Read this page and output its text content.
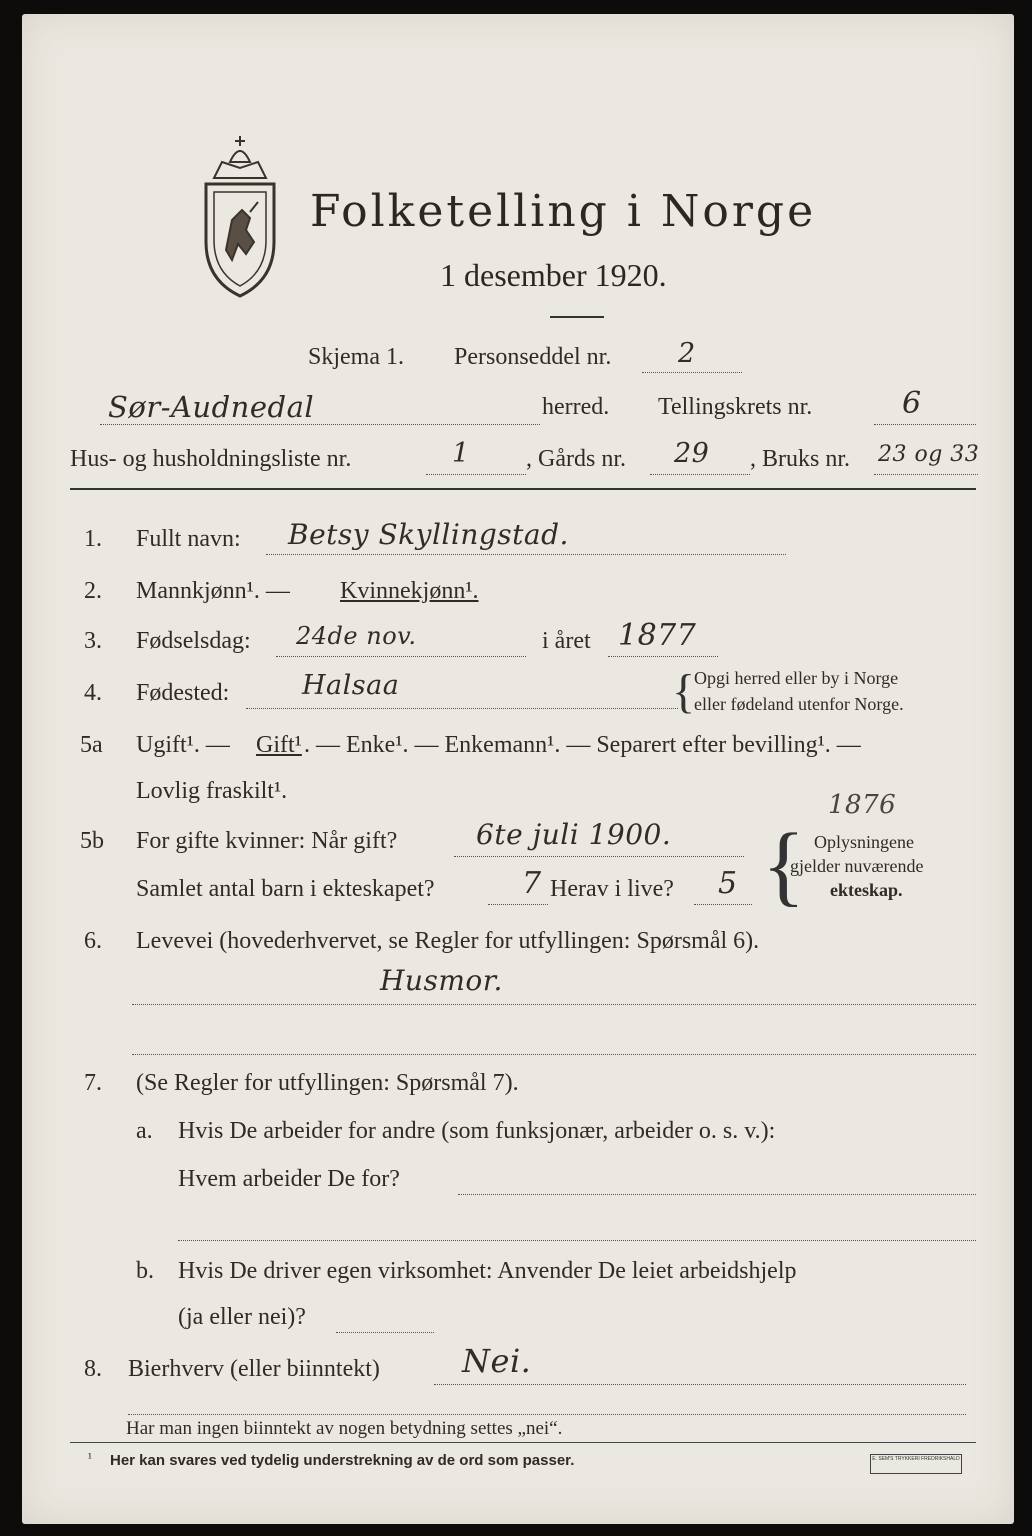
Folketelling i Norge
1 desember 1920.
Skjema 1. Personseddel nr. 2
Sør-Audnedal	herred. Tellingskrets nr.	6
Hus- og husholdningsliste nr.	1 , Gårds nr. 29 , Bruks nr. 23 og 33
1. Fullt navn: Betsy Skyllingstad.
2. Mannkjønn¹. — Kvinnekjønn¹.
3. Fødselsdag: 24de nov.	i året 1877
4. Fødested:	Halsaa	{
Opgi herred eller by i Norge
eller fødeland utenfor Norge.
5a Ugift¹. — Gift¹ . — Enke¹. — Enkemann¹. — Separert efter bevilling¹. —
Lovlig fraskilt¹.
5b For gifte kvinner: Når gift?	6te juli 1900.
1876
Samlet antal barn i ekteskapet?	7 Herav i live? 5 { Oplysningene
gjelder nuværende
ekteskap.
6. Levevei (hovederhvervet, se Regler for utfyllingen: Spørsmål 6).
Husmor.
7. (Se Regler for utfyllingen: Spørsmål 7).
a. Hvis De arbeider for andre (som funksjonær, arbeider o. s. v.):
Hvem arbeider De for?
b. Hvis De driver egen virksomhet: Anvender De leiet arbeidshjelp
(ja eller nei)?
8. Bierhverv (eller biinntekt)	Nei.
Har man ingen biinntekt av nogen betydning settes „nei“.
¹ Her kan svares ved tydelig understrekning av de ord som passer.	E. SEM'S TRYKKERI FREDRIKSHALD
